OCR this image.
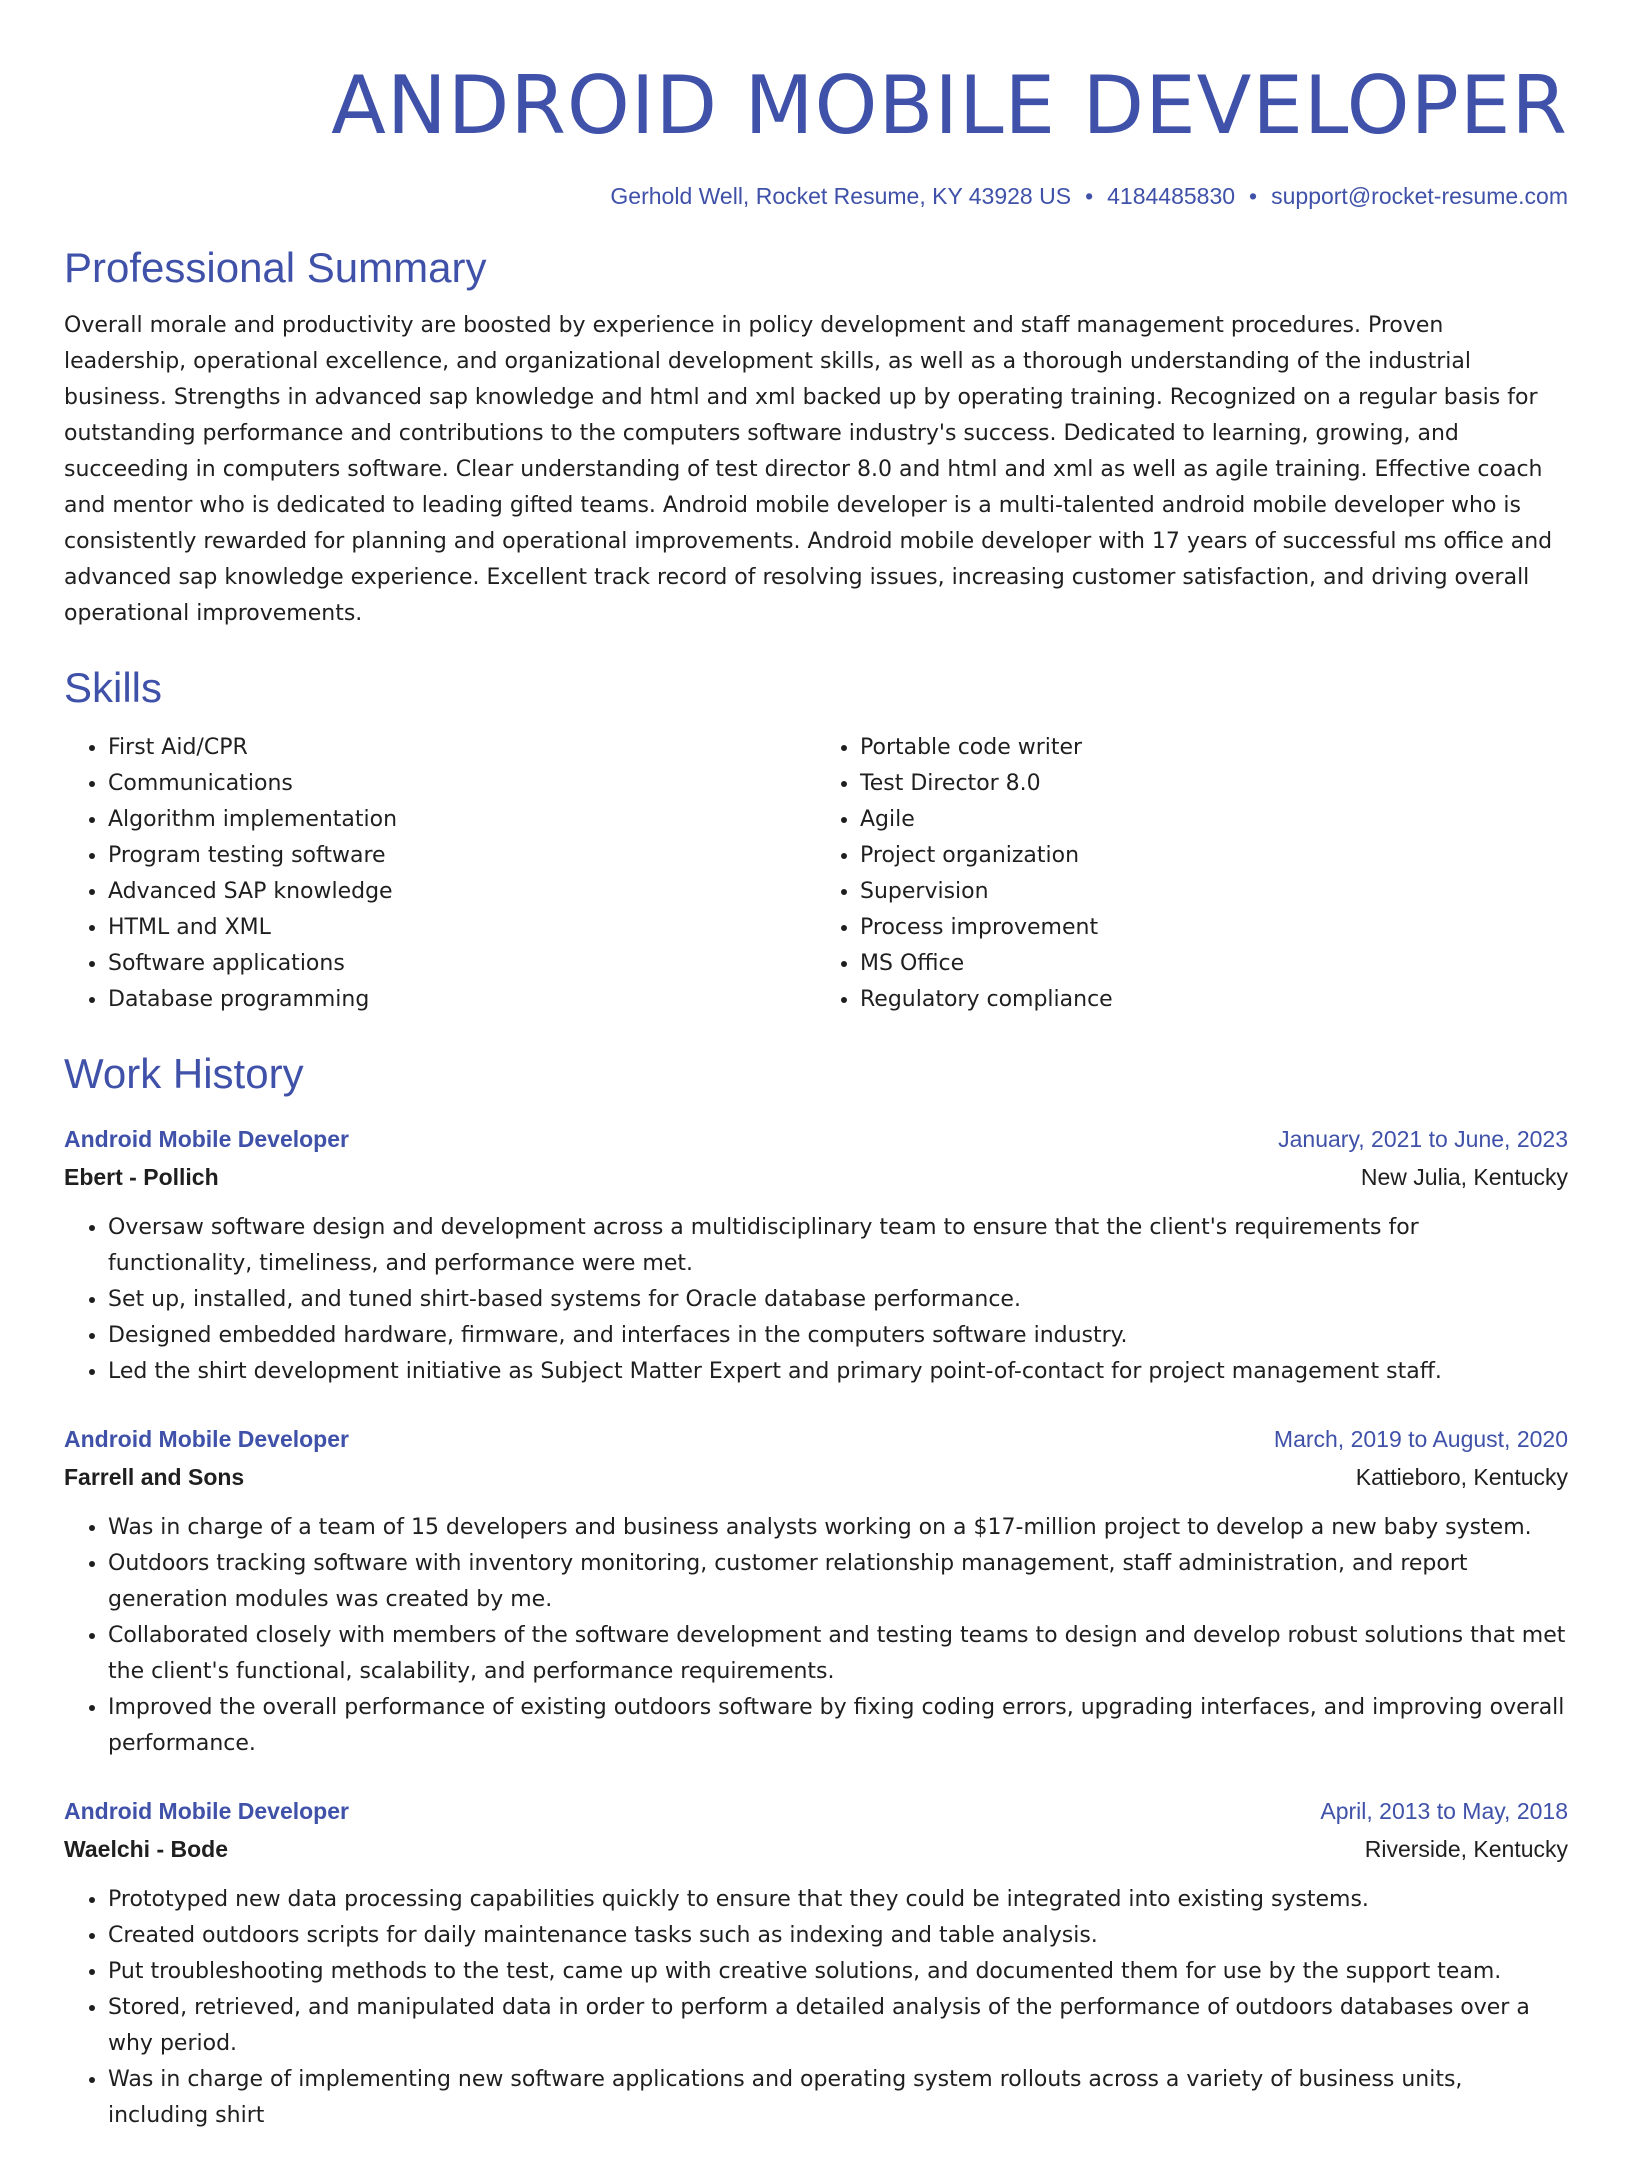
ANDROID MOBILE DEVELOPER
Gerhold Well, Rocket Resume, KY 43928 US • 4184485830 • support@rocket-resume.com
Professional Summary

Overall morale and productivity are boosted by experience in policy development and staff management procedures. Proven leadership, operational excellence, and organizational development skills, as well as a thorough understanding of the industrial business. Strengths in advanced sap knowledge and html and xml backed up by operating training. Recognized on a regular basis for outstanding performance and contributions to the computers software industry's success. Dedicated to learning, growing, and succeeding in computers software. Clear understanding of test director 8.0 and html and xml as well as agile training. Effective coach and mentor who is dedicated to leading gifted teams. Android mobile developer is a multi-talented android mobile developer who is consistently rewarded for planning and operational improvements. Android mobile developer with 17 years of successful ms office and advanced sap knowledge experience. Excellent track record of resolving issues, increasing customer satisfaction, and driving overall operational improvements.

Skills
• First Aid/CPR
• Communications
• Algorithm implementation
• Program testing software
• Advanced SAP knowledge
• HTML and XML
• Software applications
• Database programming
• Portable code writer
• Test Director 8.0
• Agile
• Project organization
• Supervision
• Process improvement
• MS Office
• Regulatory compliance
Work History
Android Mobile Developer	January, 2021 to June, 2023
Ebert - Pollich	New Julia, Kentucky
• Oversaw software design and development across a multidisciplinary team to ensure that the client's requirements for functionality, timeliness, and performance were met.
• Set up, installed, and tuned shirt-based systems for Oracle database performance.
• Designed embedded hardware, firmware, and interfaces in the computers software industry.
• Led the shirt development initiative as Subject Matter Expert and primary point-of-contact for project management staff.
Android Mobile Developer	March, 2019 to August, 2020
Farrell and Sons	Kattieboro, Kentucky
• Was in charge of a team of 15 developers and business analysts working on a $17-million project to develop a new baby system.
• Outdoors tracking software with inventory monitoring, customer relationship management, staff administration, and report generation modules was created by me.
• Collaborated closely with members of the software development and testing teams to design and develop robust solutions that met the client's functional, scalability, and performance requirements.
• Improved the overall performance of existing outdoors software by fixing coding errors, upgrading interfaces, and improving overall performance.
Android Mobile Developer	April, 2013 to May, 2018
Waelchi - Bode	Riverside, Kentucky
• Prototyped new data processing capabilities quickly to ensure that they could be integrated into existing systems.
• Created outdoors scripts for daily maintenance tasks such as indexing and table analysis.
• Put troubleshooting methods to the test, came up with creative solutions, and documented them for use by the support team.
• Stored, retrieved, and manipulated data in order to perform a detailed analysis of the performance of outdoors databases over a why period.
• Was in charge of implementing new software applications and operating system rollouts across a variety of business units, including shirt
